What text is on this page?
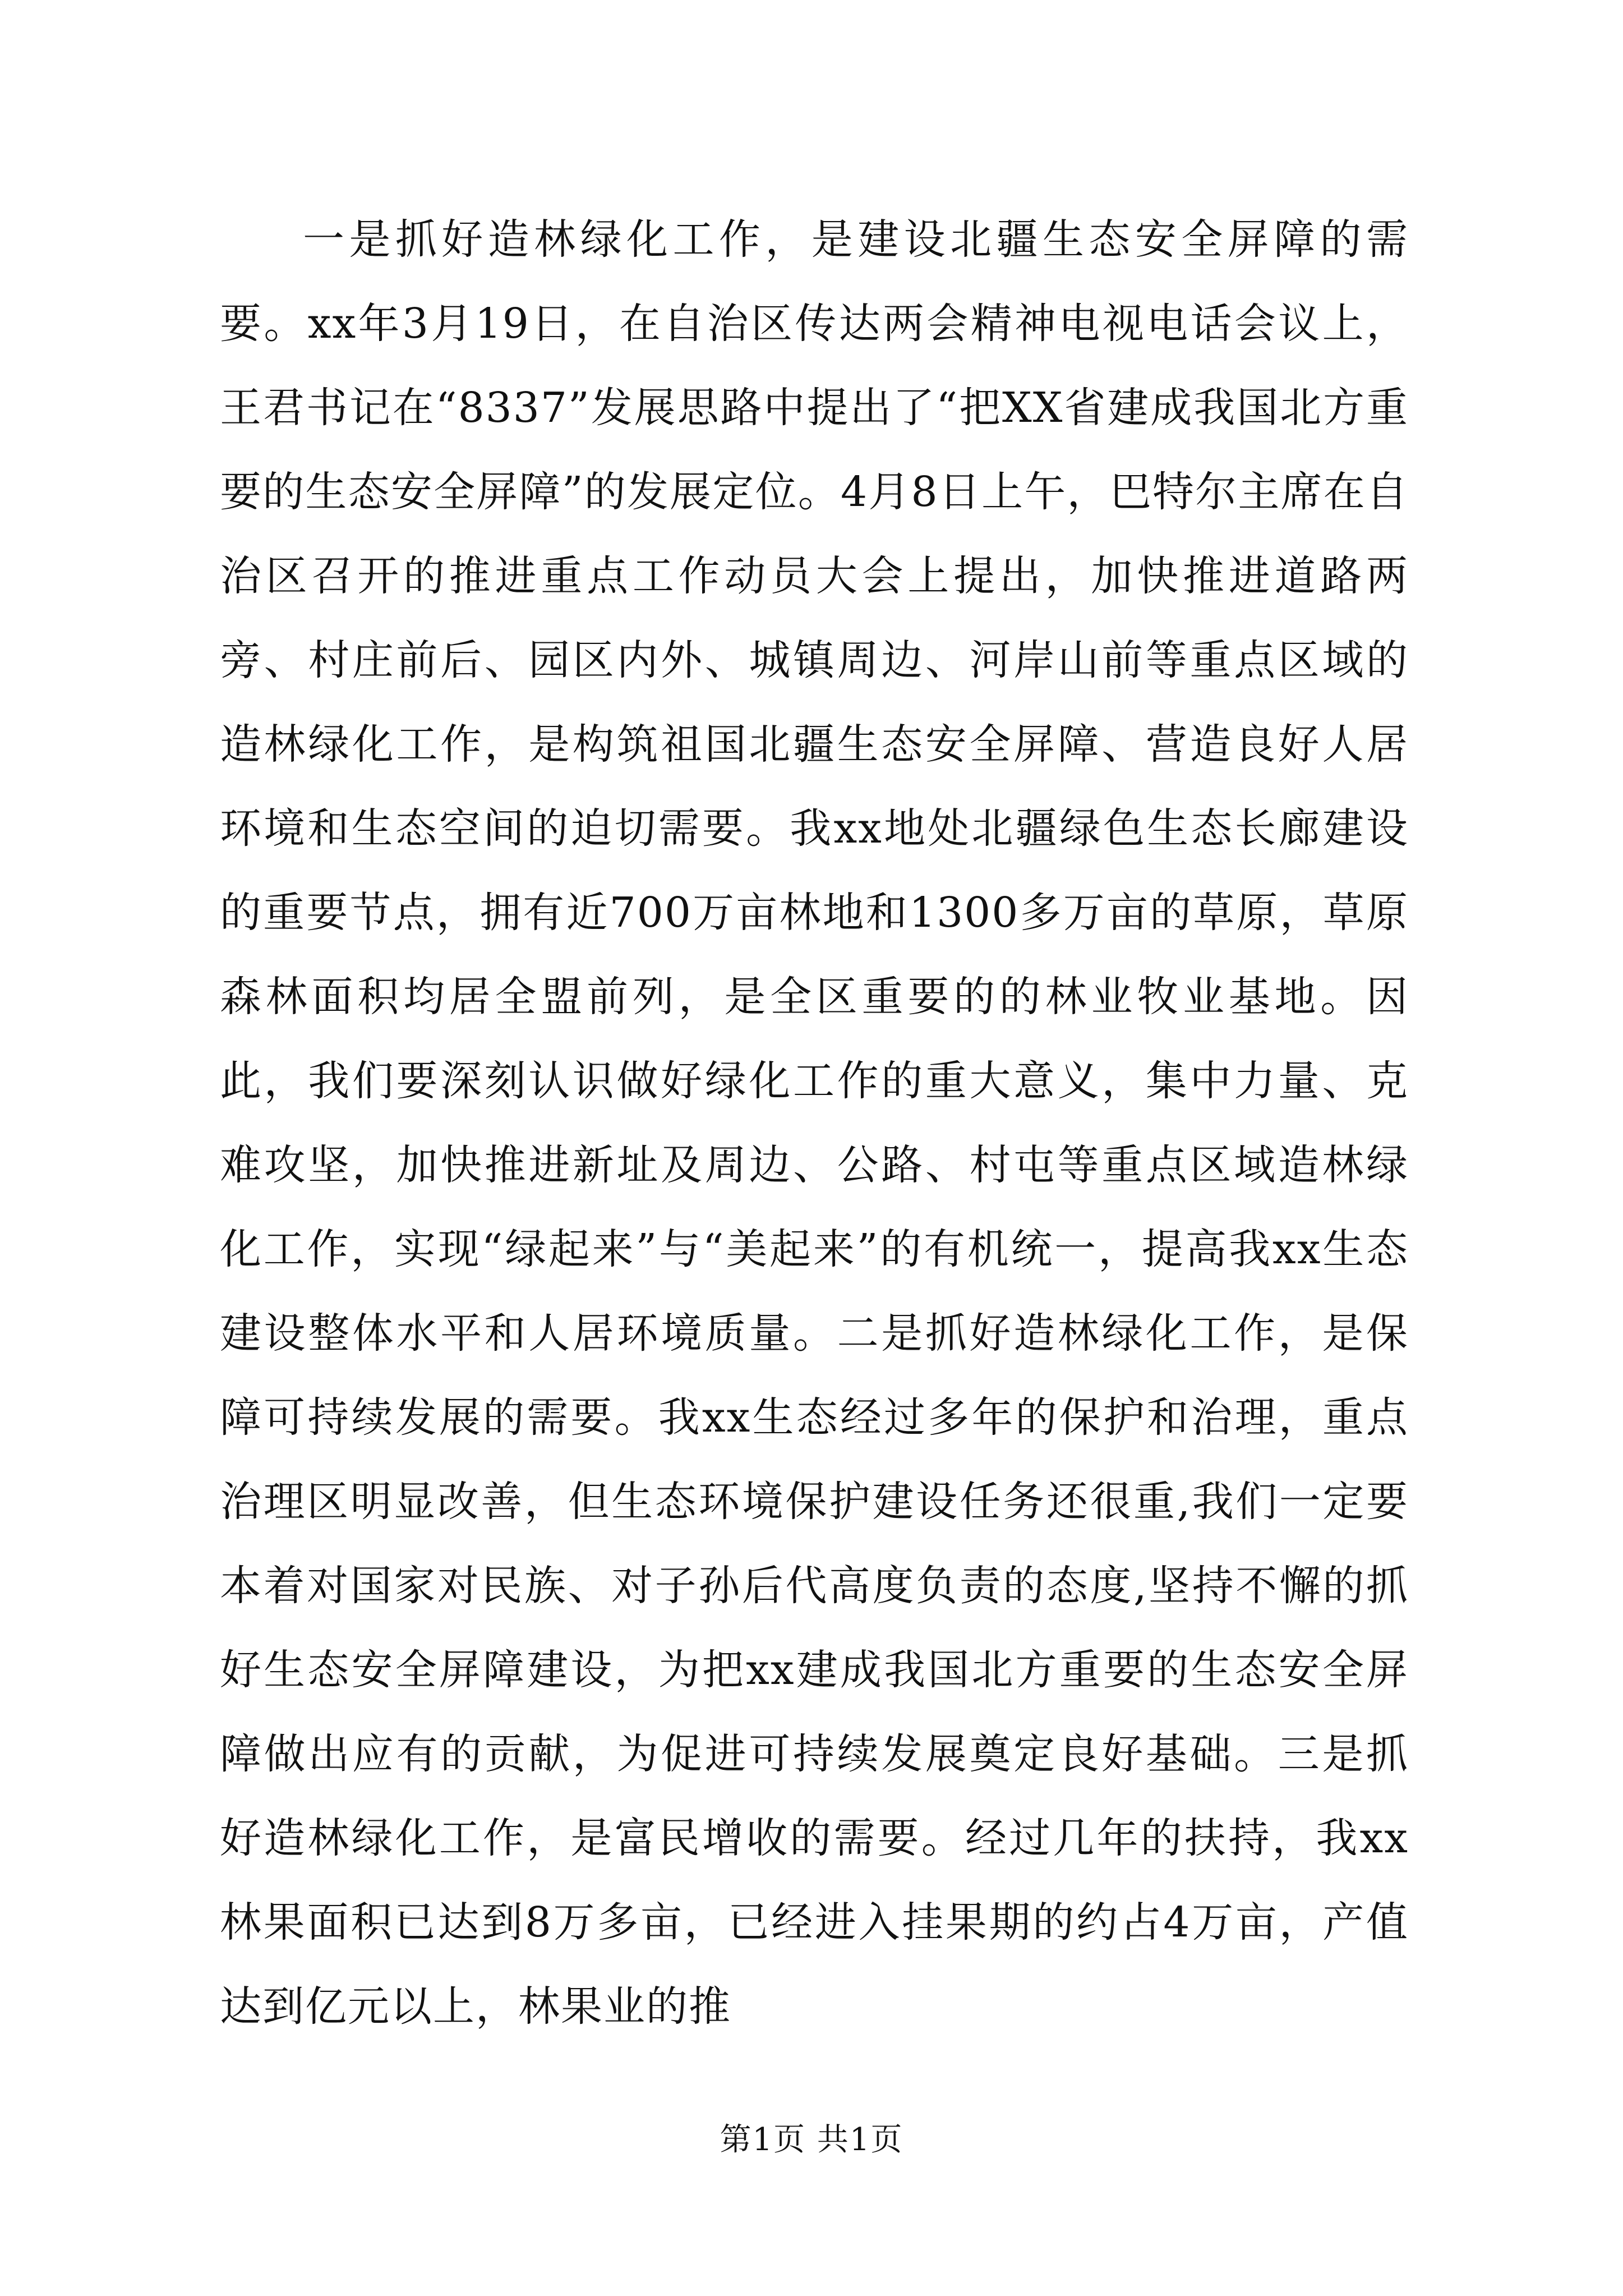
一是抓好造林绿化工作，是建设北疆生态安全屏障的需要。xx年3月19日，在自治区传达两会精神电视电话会议上，王君书记在“8337”发展思路中提出了“把XX省建成我国北方重要的生态安全屏障”的发展定位。4月8日上午，巴特尔主席在自治区召开的推进重点工作动员大会上提出，加快推进道路两旁、村庄前后、园区内外、城镇周边、河岸山前等重点区域的造林绿化工作，是构筑祖国北疆生态安全屏障、营造良好人居环境和生态空间的迫切需要。我xx地处北疆绿色生态长廊建设的重要节点，拥有近700万亩林地和1300多万亩的草原，草原森林面积均居全盟前列，是全区重要的的林业牧业基地。因此，我们要深刻认识做好绿化工作的重大意义，集中力量、克难攻坚，加快推进新址及周边、公路、村屯等重点区域造林绿化工作，实现“绿起来”与“美起来”的有机统一，提高我xx生态建设整体水平和人居环境质量。二是抓好造林绿化工作，是保障可持续发展的需要。我xx生态经过多年的保护和治理，重点治理区明显改善，但生态环境保护建设任务还很重,我们一定要本着对国家对民族、对子孙后代高度负责的态度,坚持不懈的抓好生态安全屏障建设，为把xx建成我国北方重要的生态安全屏障做出应有的贡献，为促进可持续发展奠定良好基础。三是抓好造林绿化工作，是富民增收的需要。经过几年的扶持，我xx林果面积已达到8万多亩，已经进入挂果期的约占4万亩，产值达到亿元以上，林果业的推

第1页 共1页
